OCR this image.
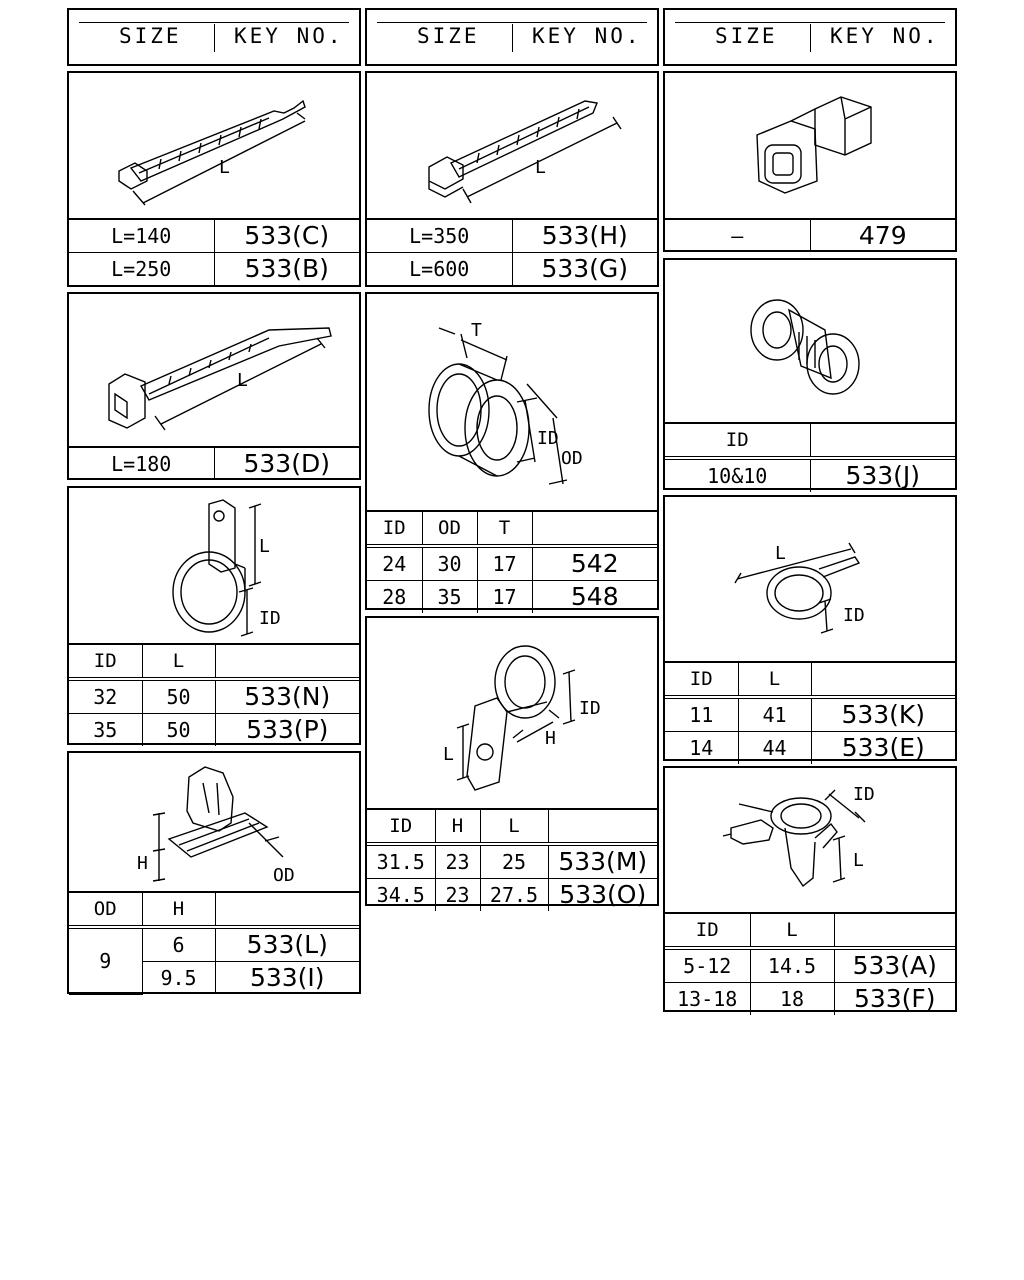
SIZE KEY NO.	SIZE KEY NO.	SIZE KEY NO.
L
L=140	533(C)
L=250	533(B)
L
L=180	533(D)
L
ID
ID	L	
32	50	533(N)
35	50	533(P)
H
OD
OD	H	
9	6	533(L)
	9.5	533(I)
L
L=350	533(H)
L=600	533(G)
T
ID
OD
ID	OD	T	
24	30	17	542
28	35	17	548
ID
H
L
ID	H	L	
31.5	23	25	533(M)
34.5	23	27.5	533(O)
—	479
ID	
10&10	533(J)
L
ID
ID	L	
11	41	533(K)
14	44	533(E)
ID
L
ID	L	
5-12	14.5	533(A)
13-18	18	533(F)
